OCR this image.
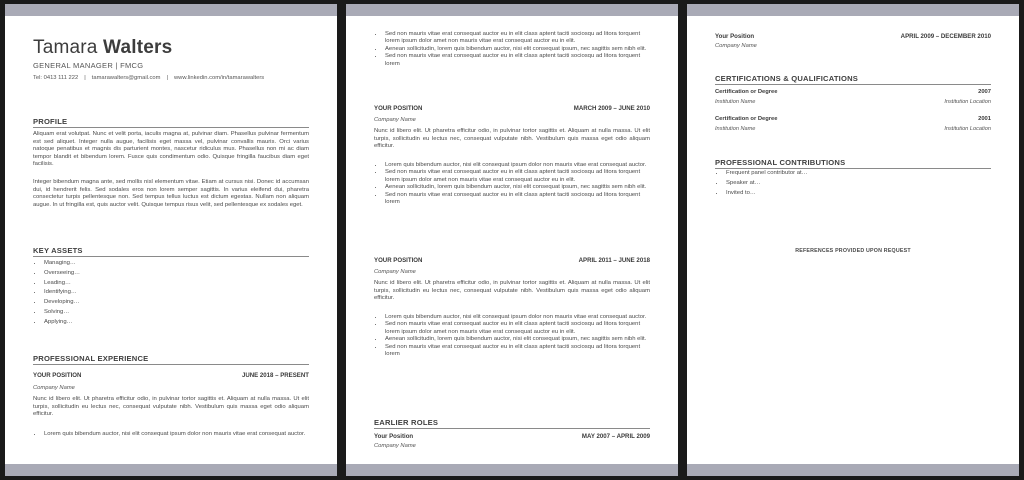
Tamara Walters
GENERAL MANAGER | FMCG
Tel: 0413 111 222 | tamarawalters@gmail.com | www.linkedin.com/in/tamarawalters
PROFILE
Aliquam erat volutpat. Nunc et velit porta, iaculis magna at, pulvinar diam. Phasellus pulvinar fermentum est sed aliquet. Integer nulla augue, facilisis eget massa vel, pulvinar convallis mauris. Orci varius natoque penatibus et magnis dis parturient montes, nascetur ridiculus mus. Phasellus non mi ac diam tempor blandit et bibendum lorem. Fusce quis condimentum odio. Quisque fringilla faucibus diam eget facilisis.
Integer bibendum magna ante, sed mollis nisl elementum vitae. Etiam at cursus nisi. Donec id accumsan dui, id hendrerit felis. Sed sodales eros non lorem semper sagittis. In varius eleifend dui, pharetra consectetur turpis pellentesque non. Sed tempus tellus luctus est dictum egestas. Nullam non aliquam augue. In ut fringilla est, quis auctor velit. Quisque tempus risus velit, sed pellentesque ex sodales eget.
KEY ASSETS
• Managing…
• Overseeing…
• Leading…
• Identifying…
• Developing…
• Solving…
• Applying…
PROFESSIONAL EXPERIENCE
YOUR POSITION	JUNE 2018 – PRESENT
Company Name
Nunc id libero elit. Ut pharetra efficitur odio, in pulvinar tortor sagittis et. Aliquam at nulla massa. Ut elit turpis, sollicitudin eu lectus nec, consequat vulputate nibh. Vestibulum quis massa eget odio aliquam efficitur.
• Lorem quis bibendum auctor, nisi elit consequat ipsum dolor non mauris vitae erat consequat auctor.
• Sed non mauris vitae erat consequat auctor eu in elit class aptent taciti sociosqu ad litora torquent lorem ipsum dolor amet non mauris vitae erat consequat auctor eu in elit.
• Aenean sollicitudin, lorem quis bibendum auctor, nisi elit consequat ipsum, nec sagittis sem nibh elit.
• Sed non mauris vitae erat consequat auctor eu in elit class aptent taciti sociosqu ad litora torquent lorem
YOUR POSITION	MARCH 2009 – JUNE 2010
Company Name
Nunc id libero elit. Ut pharetra efficitur odio, in pulvinar tortor sagittis et. Aliquam at nulla massa. Ut elit turpis, sollicitudin eu lectus nec, consequat vulputate nibh. Vestibulum quis massa eget odio aliquam efficitur.
• Lorem quis bibendum auctor, nisi elit consequat ipsum dolor non mauris vitae erat consequat auctor.
• Sed non mauris vitae erat consequat auctor eu in elit class aptent taciti sociosqu ad litora torquent lorem ipsum dolor amet non mauris vitae erat consequat auctor eu in elit.
• Aenean sollicitudin, lorem quis bibendum auctor, nisi elit consequat ipsum, nec sagittis sem nibh elit.
• Sed non mauris vitae erat consequat auctor eu in elit class aptent taciti sociosqu ad litora torquent lorem
YOUR POSITION	APRIL 2011 – JUNE 2018
Company Name
Nunc id libero elit. Ut pharetra efficitur odio, in pulvinar tortor sagittis et. Aliquam at nulla massa. Ut elit turpis, sollicitudin eu lectus nec, consequat vulputate nibh. Vestibulum quis massa eget odio aliquam efficitur.
• Lorem quis bibendum auctor, nisi elit consequat ipsum dolor non mauris vitae erat consequat auctor.
• Sed non mauris vitae erat consequat auctor eu in elit class aptent taciti sociosqu ad litora torquent lorem ipsum dolor amet non mauris vitae erat consequat auctor eu in elit.
• Aenean sollicitudin, lorem quis bibendum auctor, nisi elit consequat ipsum, nec sagittis sem nibh elit.
• Sed non mauris vitae erat consequat auctor eu in elit class aptent taciti sociosqu ad litora torquent lorem
EARLIER ROLES
Your Position	MAY 2007 – APRIL 2009
Company Name
Your Position	APRIL 2009 – DECEMBER 2010
Company Name
CERTIFICATIONS & QUALIFICATIONS
Certification or Degree	2007
Institution Name	Institution Location
Certification or Degree	2001
Institution Name	Institution Location
PROFESSIONAL CONTRIBUTIONS
• Frequent panel contributor at…
• Speaker at…
• Invited to…
REFERENCES PROVIDED UPON REQUEST
